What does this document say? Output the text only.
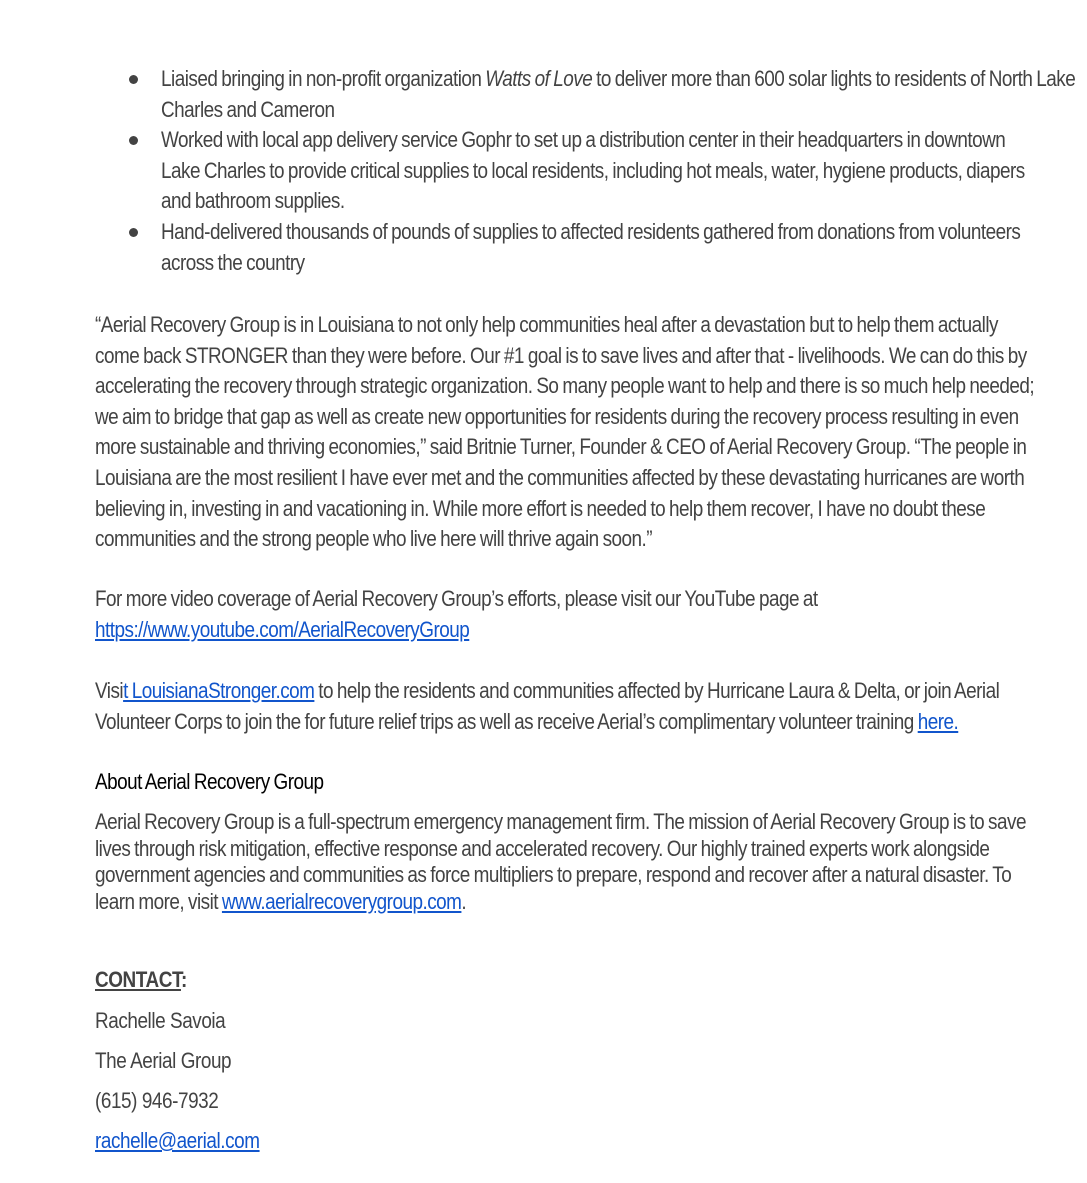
Liaised bringing in non-profit organization Watts of Love to deliver more than 600 solar lights to residents of North Lake Charles and Cameron
Worked with local app delivery service Gophr to set up a distribution center in their headquarters in downtown Lake Charles to provide critical supplies to local residents, including hot meals, water, hygiene products, diapers and bathroom supplies.
Hand-delivered thousands of pounds of supplies to affected residents gathered from donations from volunteers across the country
“Aerial Recovery Group is in Louisiana to not only help communities heal after a devastation but to help them actually come back STRONGER than they were before. Our #1 goal is to save lives and after that - livelihoods. We can do this by accelerating the recovery through strategic organization. So many people want to help and there is so much help needed; we aim to bridge that gap as well as create new opportunities for residents during the recovery process resulting in even more sustainable and thriving economies,” said Britnie Turner, Founder & CEO of Aerial Recovery Group. “The people in Louisiana are the most resilient I have ever met and the communities affected by these devastating hurricanes are worth believing in, investing in and vacationing in. While more effort is needed to help them recover, I have no doubt these communities and the strong people who live here will thrive again soon.”
For more video coverage of Aerial Recovery Group’s efforts, please visit our YouTube page at
https://www.youtube.com/AerialRecoveryGroup
Visit LouisianaStronger.com to help the residents and communities affected by Hurricane Laura & Delta, or join Aerial Volunteer Corps to join the for future relief trips as well as receive Aerial’s complimentary volunteer training here.
About Aerial Recovery Group
Aerial Recovery Group is a full-spectrum emergency management firm. The mission of Aerial Recovery Group is to save lives through risk mitigation, effective response and accelerated recovery. Our highly trained experts work alongside government agencies and communities as force multipliers to prepare, respond and recover after a natural disaster. To learn more, visit www.aerialrecoverygroup.com.
CONTACT:
Rachelle Savoia
The Aerial Group
(615) 946-7932
rachelle@aerial.com
